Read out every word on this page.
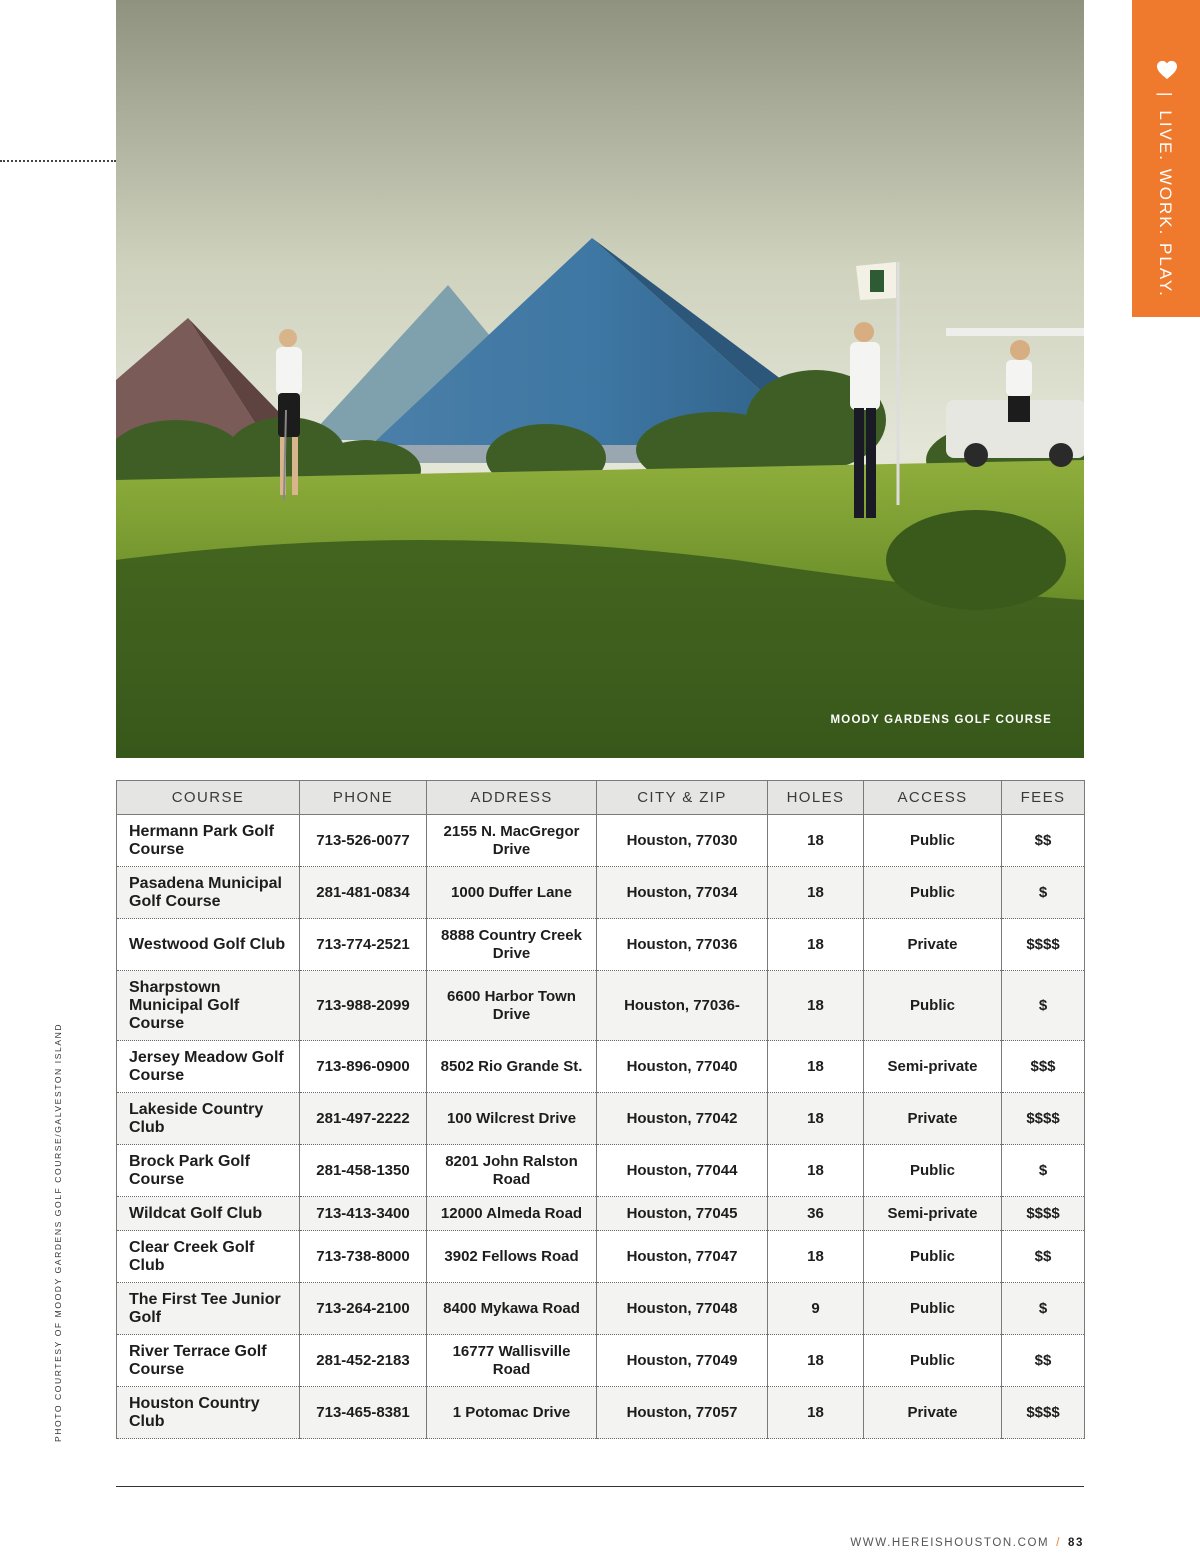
MOODY GARDENS GOLF COURSE
|LIVE. WORK. PLAY.
PHOTO COURTESY OF MOODY GARDENS GOLF COURSE/GALVESTON ISLAND
COURSE	PHONE	ADDRESS	CITY & ZIP	HOLES	ACCESS	FEES
Hermann Park Golf Course	713-526-0077	2155 N. MacGregor Drive	Houston, 77030	18	Public	$$
Pasadena Municipal Golf Course	281-481-0834	1000 Duffer Lane	Houston, 77034	18	Public	$
Westwood Golf Club	713-774-2521	8888 Country Creek Drive	Houston, 77036	18	Private	$$$$
Sharpstown Municipal Golf Course	713-988-2099	6600 Harbor Town Drive	Houston, 77036-	18	Public	$
Jersey Meadow Golf Course	713-896-0900	8502 Rio Grande St.	Houston, 77040	18	Semi-private	$$$
Lakeside Country Club	281-497-2222	100 Wilcrest Drive	Houston, 77042	18	Private	$$$$
Brock Park Golf Course	281-458-1350	8201 John Ralston Road	Houston, 77044	18	Public	$
Wildcat Golf Club	713-413-3400	12000 Almeda Road	Houston, 77045	36	Semi-private	$$$$
Clear Creek Golf Club	713-738-8000	3902 Fellows Road	Houston, 77047	18	Public	$$
The First Tee Junior Golf	713-264-2100	8400 Mykawa Road	Houston, 77048	9	Public	$
River Terrace Golf Course	281-452-2183	16777 Wallisville Road	Houston, 77049	18	Public	$$
Houston Country Club	713-465-8381	1 Potomac Drive	Houston, 77057	18	Private	$$$$
WWW.HEREISHOUSTON.COM / 83
